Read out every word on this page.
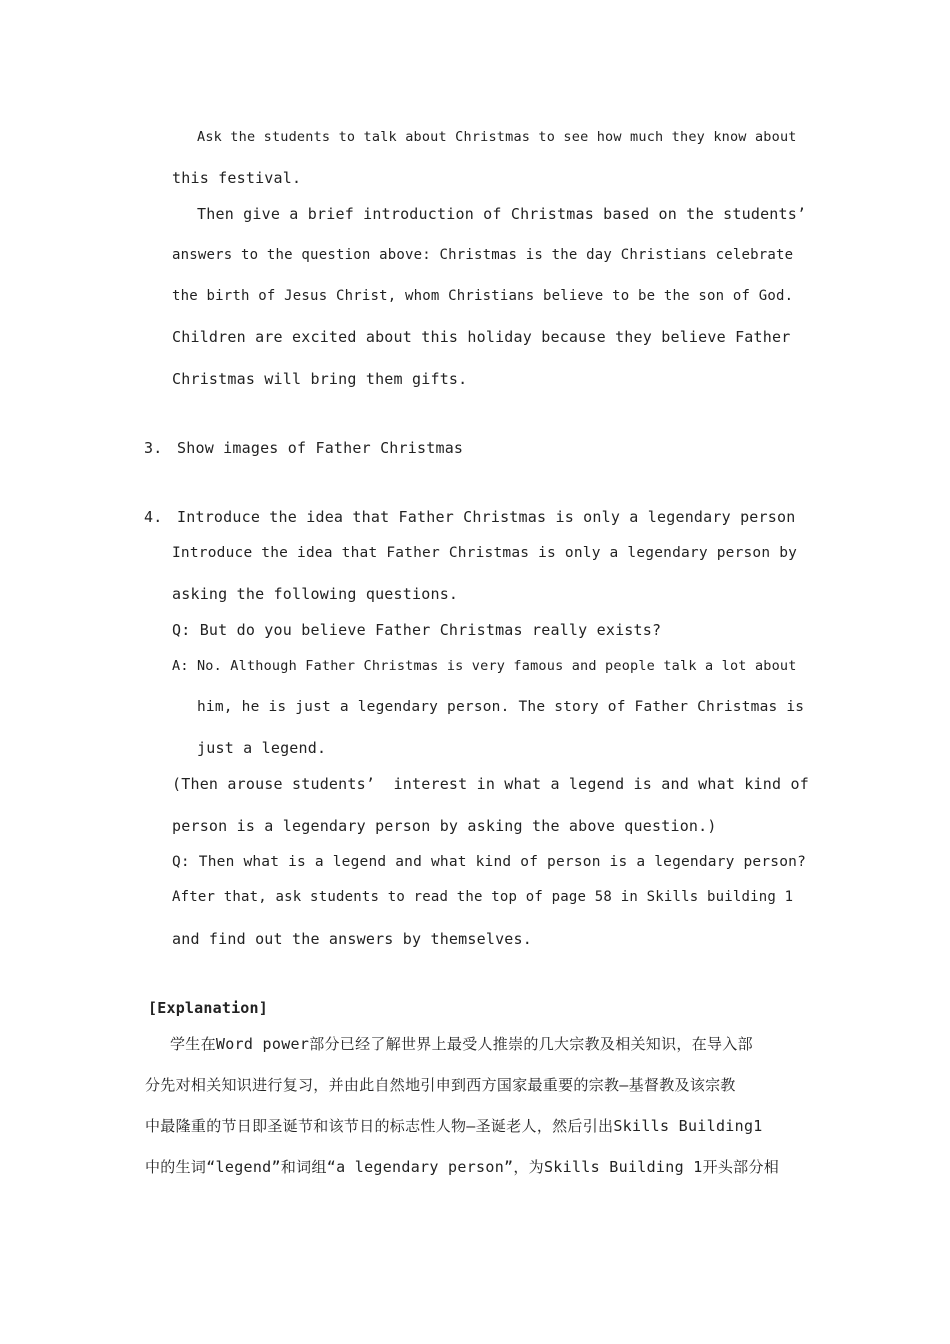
Ask the students to talk about Christmas to see how much they know about
this festival.
Then give a brief introduction of Christmas based on the students’
answers to the question above: Christmas is the day Christians celebrate
the birth of Jesus Christ, whom Christians believe to be the son of God.
Children are excited about this holiday because they believe Father
Christmas will bring them gifts.
3. Show images of Father Christmas
4. Introduce the idea that Father Christmas is only a legendary person
Introduce the idea that Father Christmas is only a legendary person by
asking the following questions.
Q: But do you believe Father Christmas really exists?
A: No. Although Father Christmas is very famous and people talk a lot about
him, he is just a legendary person. The story of Father Christmas is
just a legend.
(Then arouse students’  interest in what a legend is and what kind of
person is a legendary person by asking the above question.)
Q: Then what is a legend and what kind of person is a legendary person?
After that, ask students to read the top of page 58 in Skills building 1
and find out the answers by themselves.
[Explanation]
学生在Word power部分已经了解世界上最受人推崇的几大宗教及相关知识，在导入部
分先对相关知识进行复习，并由此自然地引申到西方国家最重要的宗教—基督教及该宗教
中最隆重的节日即圣诞节和该节日的标志性人物—圣诞老人，然后引出Skills Building1
中的生词“legend”和词组“a legendary person”，为Skills Building 1开头部分相
